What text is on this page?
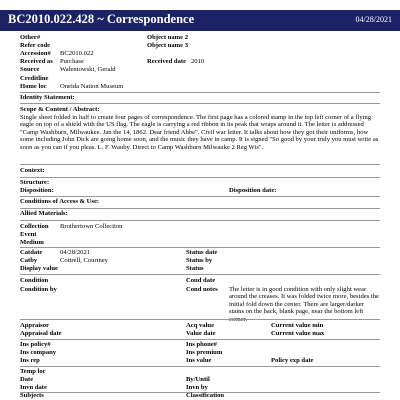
BC2010.022.428 ~ Correspondence	04/28/2021
Other#
Refer code
Accession# BC2010.022
Received as Purchase
Source	Walentowski, Gerald
Creditline
Home loc Oneida Nation Museum
Object name 2
Object name 3
Received date 2010
Identity Statement:
Scope & Content / Abstract:
Single sheet folded in half to create four pages of correspondence. The first page has a colored stamp in the top left corner of a flying eagle on top of a shield with the US flag. The eagle is carrying a red ribbon in its peak that wraps around it. The letter is addressed "Camp Washburn, Milwaukee. Jan the 14, 1862. Dear friend Abbe". Civil war letter. It talks about how they got their uniforms, how some including John Dick are going home soon, and the music they have in camp. It is signed "So good by your truly you must write as soon as you can if you pleas. L. F. Wauby. Direct to Camp Washburn Milwauke 2 Reg Wis".
Context:
Structure:
Disposition:	Disposition date:
Conditions of Access & Use:
Allied Materials:
Collection Brothertown Collection
Event
Medium
Catdate	04/28/2021
Catby	Cottrell, Courtney
Display value
Status date
Status by
Status
Condition
Condition by
Cond date
Cond notes The letter is in good condition with only slight wear around the creases. It was folded twice more, besides the initial fold down the center. There are larger/darker stains on the back, blank page, near the bottom left corner.
Appraisor
Appraisal date
Acq value
Value date
Current value min
Current value max
Ins policy#
Ins company
Ins rep
Ins phone#
Ins premium
Ins value	Policy exp date
Temp loc
Date
Invn date
By/Until
Invn by
Subjects	Classification
